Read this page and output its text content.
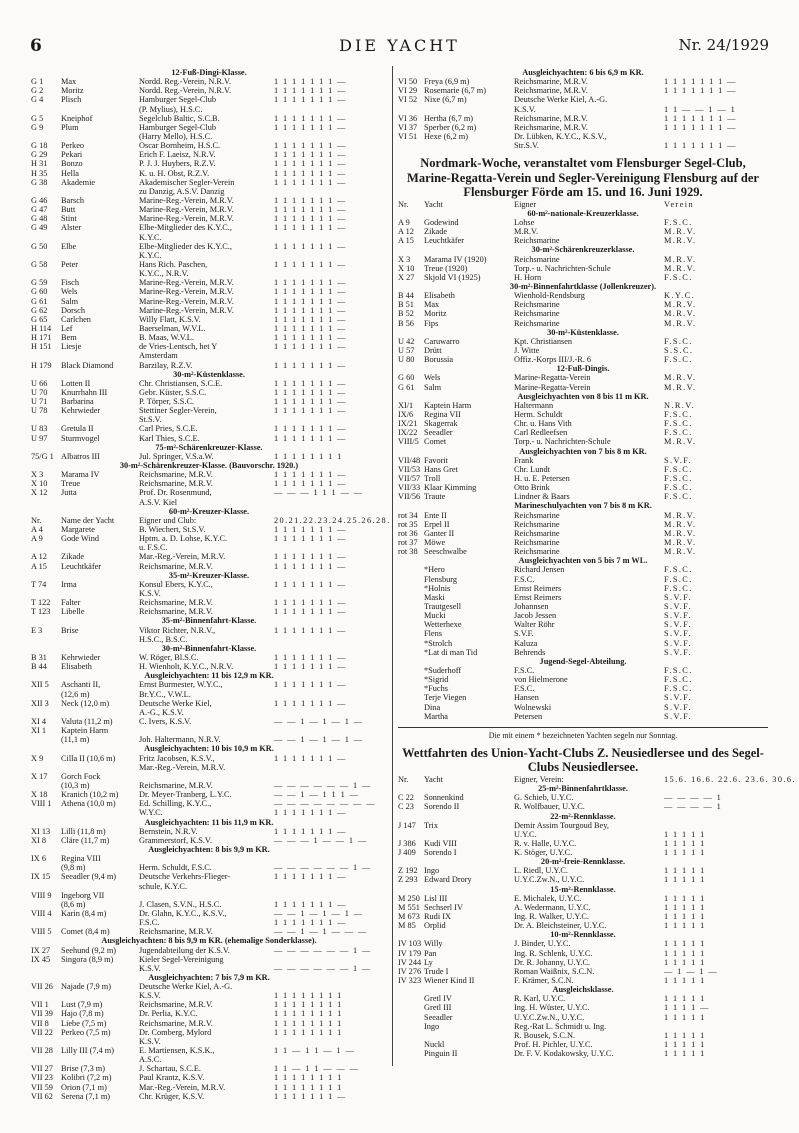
6	DIE YACHT	Nr. 24/1929
12-Fuß-Dingi-Klasse.
G 1	Max	Nordd. Reg.-Verein, N.R.V.	1 1 1 1 1 1 1 —
G 2	Moritz	Nordd. Reg.-Verein, N.R.V.	1 1 1 1 1 1 1 —
G 4	Plisch	Hamburger Segel-Club	1 1 1 1 1 1 1 —
(P. Mylius), H.S.C.
G 5	Kneiphof	Segelclub Baltic, S.C.B.	1 1 1 1 1 1 1 —
G 9	Plum	Hamburger Segel-Club	1 1 1 1 1 1 1 —
(Harry Mello), H.S.C.
G 18	Perkeo	Oscar Bornheim, H.S.C.	1 1 1 1 1 1 1 —
G 29	Pekari	Erich F. Laeisz, N.R.V.	1 1 1 1 1 1 1 —
H 31	Bonzo	P. J. J. Huybers, R.Z.V.	1 1 1 1 1 1 1 —
H 35	Hella	K. u. H. Obst, R.Z.V.	1 1 1 1 1 1 1 —
G 38	Akademie	Akademischer Segler-Verein	1 1 1 1 1 1 1 —
zu Danzig, A.S.V. Danzig
G 46	Barsch	Marine-Reg.-Verein, M.R.V.	1 1 1 1 1 1 1 —
G 47	Butt	Marine-Reg.-Verein, M.R.V.	1 1 1 1 1 1 1 —
G 48	Stint	Marine-Reg.-Verein, M.R.V.	1 1 1 1 1 1 1 —
G 49	Alster	Elbe-Mitglieder des K.Y.C.,	1 1 1 1 1 1 1 —
K.Y.C.
G 50	Elbe	Elbe-Mitglieder des K.Y.C.,	1 1 1 1 1 1 1 —
K.Y.C.
G 58	Peter	Hans Rich. Paschen,	1 1 1 1 1 1 1 —
K.Y.C., N.R.V.
G 59	Fisch	Marine-Reg.-Verein, M.R.V.	1 1 1 1 1 1 1 —
G 60	Wels	Marine-Reg.-Verein, M.R.V.	1 1 1 1 1 1 1 —
G 61	Salm	Marine-Reg.-Verein, M.R.V.	1 1 1 1 1 1 1 —
G 62	Dorsch	Marine-Reg.-Verein, M.R.V.	1 1 1 1 1 1 1 —
G 65	Carlchen	Willy Flatt, K.S.V.	1 1 1 1 1 1 1 —
H 114	Lef	Baerselman, W.V.L.	1 1 1 1 1 1 1 —
H 171	Bem	B. Maas, W.V.L.	1 1 1 1 1 1 1 —
H 151	Liesje	de Vries-Lentsch, het Y	1 1 1 1 1 1 1 —
Amsterdam
H 179	Black Diamond	Barzilay, R.Z.V.	1 1 1 1 1 1 1 —
30-m²-Küstenklasse.
U 66	Lotten II	Chr. Christiansen, S.C.E.	1 1 1 1 1 1 1 —
U 70	Knurrhahn III	Gebr. Küster, S.S.C.	1 1 1 1 1 1 1 —
U 71	Barbarina	P. Törper, S.S.C.	1 1 1 1 1 1 1 —
U 78	Kehrwieder	Stettiner Segler-Verein,	1 1 1 1 1 1 1 —
St.S.V.
U 83	Gretula II	Carl Pries, S.C.E.	1 1 1 1 1 1 1 —
U 97	Sturmvogel	Karl Thies, S.C.E.	1 1 1 1 1 1 1 —
75-m²-Schärenkreuzer-Klasse.
75/G 1 Albatros III	Jul. Springer, V.S.a.W.	1 1 1 1 1 1 1 1
30-m²-Schärenkreuzer-Klasse. (Bauvorschr. 1920.)
X 3	Marama IV	Reichsmarine, M.R.V.	1 1 1 1 1 1 1 —
X 10	Treue	Reichsmarine, M.R.V.	1 1 1 1 1 1 1 —
X 12	Jutta	Prof. Dr. Rosenmund,	— — — 1 1 1 — —
A.S.V. Kiel
60-m²-Kreuzer-Klasse.
Nr.	Name der Yacht	Eigner und Club:	20.21.22.23.24.25.26.28.
A 4	Margarete	B. Wiechert, St.S.V.	1 1 1 1 1 1 1 —
A 9	Gode Wind	Hptm. a. D. Lohse, K.Y.C.	1 1 1 1 1 1 1 —
u. F.S.C.
A 12	Zikade	Mar.-Reg.-Verein, M.R.V.	1 1 1 1 1 1 1 —
A 15	Leuchtkäfer	Reichsmarine, M.R.V.	1 1 1 1 1 1 1 —
35-m²-Kreuzer-Klasse.
T 74	Irma	Konsul Ebers, K.Y.C.,	1 1 1 1 1 1 1 —
K.S.V.
T 122	Falter	Reichsmarine, M.R.V.	1 1 1 1 1 1 1 —
T 123	Libelle	Reichsmarine, M.R.V.	1 1 1 1 1 1 1 —
35-m²-Binnenfahrt-Klasse.
E 3	Brise	Viktor Richter, N.R.V.,	1 1 1 1 1 1 1 —
H.S.C., B.S.C.
30-m²-Binnenfahrt-Klasse.
B 31	Kehrwieder	W. Röger, Bl.S.C.	1 1 1 1 1 1 1 —
B 44	Elisabeth	H. Wienholt, K.Y.C., N.R.V.	1 1 1 1 1 1 1 —
Ausgleichyachten: 11 bis 12,9 m KR.
XII 5	Aschanti II,	Ernst Burmester, W.Y.C.,	1 1 1 1 1 1 1 —
(12,6 m)	Br.Y.C., V.W.L.
XII 3	Neck (12,0 m)	Deutsche Werke Kiel,	1 1 1 1 1 1 1 —
A.-G., K.S.V.
XI 4	Valuta (11,2 m)	C. Ivers, K.S.V.	— — 1 — 1 — 1 —
XI 1	Kaptein Harm
(11,1 m)	Joh. Haltermann, N.R.V.	— — 1 — 1 — 1 —
Ausgleichyachten: 10 bis 10,9 m KR.
X 9	Cilla II (10,6 m)	Fritz Jacobsen, K.S.V.,	1 1 1 1 1 1 1 —
Mar.-Reg.-Verein, M.R.V.
X 17	Gorch Fock
(10,3 m)	Reichsmarine, M.R.V.	— — — — — — 1 —
X 18	Kranich (10,2 m)	Dr. Meyer-Tranberg, L.Y.C.	— — 1 — 1 1 1 —
VIII 1	Athena (10,0 m)	Ed. Schilling, K.Y.C.,	— — — — — — — —
W.Y.C.	1 1 1 1 1 1 1 —
Ausgleichyachten: 11 bis 11,9 m KR.
XI 13	Lilli (11,8 m)	Bernstein, N.R.V.	1 1 1 1 1 1 1 —
XI 8	Cläre (11,7 m)	Grammerstorf, K.S.V.	— — — 1 — — 1 —
Ausgleichyachten: 8 bis 9,9 m KR.
IX 6	Regina VIII
(9,8 m)	Herm. Schuldt, F.S.C.	— — — — — — 1 —
IX 15	Seeadler (9,4 m)	Deutsche Verkehrs-Flieger-	1 1 1 1 1 1 1 —
schule, K.Y.C.
VIII 9	Ingeborg VII
(8,6 m)	J. Clasen, S.V.N., H.S.C.	1 1 1 1 1 1 1 —
VIII 4	Karin (8,4 m)	Dr. Glahn, K.Y.C., K.S.V.,	— — 1 — 1 — 1 —
F.S.C.	1 1 1 1 1 1 1 —
VIII 5	Comet (8,4 m)	Reichsmarine, M.R.V.	— — 1 — 1 — — —
Ausgleichyachten: 8 bis 9,9 m KR. (ehemalige Sonderklasse).
IX 27	Seehund (9,2 m)	Jugendabteilung der K.S.V.	— — — — — — 1 —
IX 45	Singora (8,9 m)	Kieler Segel-Vereinigung
K.S.V.	— — — — — — 1 —
Ausgleichyachten: 7 bis 7,9 m KR.
VII 26 Najade (7,9 m)	Deutsche Werke Kiel, A.-G.
K.S.V.	1 1 1 1 1 1 1 1
VII 1	Lust (7,9 m)	Reichsmarine, M.R.V.	1 1 1 1 1 1 1 1
VII 39 Hajo (7,8 m)	Dr. Perlia, K.Y.C.	1 1 1 1 1 1 1 1
VII 8	Liebe (7,5 m)	Reichsmarine, M.R.V.	1 1 1 1 1 1 1 1
VII 22 Perkeo (7,5 m)	Dr. Comberg, Mylord	1 1 1 1 1 1 1 1
K.S.V.
VII 28 Lilly III (7,4 m)	E. Martiensen, K.S.K.,	1 1 — 1 1 — 1 —
A.S.C.
VII 27 Brise (7,3 m)	J. Schartau, S.C.E.	1 1 — 1 1 — — —
VII 23 Kolibri (7,2 m)	Paul Krantz, K.S.V.	1 1 1 1 1 1 1 1
VII 59 Orion (7,1 m)	Mar.-Reg.-Verein, M.R.V.	1 1 1 1 1 1 1 1
VII 62 Serena (7,1 m)	Chr. Krüger, K.S.V.	1 1 1 1 1 1 1 —
Ausgleichyachten: 6 bis 6,9 m KR.
VI 50 Freya (6,9 m)	Reichsmarine, M.R.V.	1 1 1 1 1 1 1 —
VI 29 Rosemarie (6,7 m)	Reichsmarine, M.R.V.	1 1 1 1 1 1 1 —
VI 52 Nixe (6,7 m)	Deutsche Werke Kiel, A.-G.
K.S.V.	1 1 — — 1 — 1
VI 36 Hertha (6,7 m)	Reichsmarine, M.R.V.	1 1 1 1 1 1 1 —
VI 37 Sperber (6,2 m)	Reichsmarine, M.R.V.	1 1 1 1 1 1 1 —
VI 51 Hexe (6,2 m)	Dr. Lübken, K.Y.C., K.S.V.,
Str.S.V.	1 1 1 1 1 1 1 —
Nordmark-Woche, veranstaltet vom Flensburger Segel-Club, Marine-Regatta-Verein und Segler-Vereinigung Flensburg auf der Flensburger Förde am 15. und 16. Juni 1929.
Nr.	Yacht	Eigner	Verein
60-m²-nationale-Kreuzerklasse.
A 9	Godewind	Lohse	F.S.C.
A 12	Zikade	M.R.V.	M.R.V.
A 15	Leuchtkäfer	Reichsmarine	M.R.V.
30-m²-Schärenkreuzerklasse.
X 3	Marama IV (1920)	Reichsmarine	M.R.V.
X 10	Treue (1920)	Torp.- u. Nachrichten-Schule	M.R.V.
X 27	Skjold VI (1925)	H. Horn	F.S.C.
30-m²-Binnenfahrtklasse (Jollenkreuzer).
B 44	Elisabeth	Wienhold-Rendsburg	K.Y.C.
B 51	Max	Reichsmarine	M.R.V.
B 52	Moritz	Reichsmarine	M.R.V.
B 56	Fips	Reichsmarine	M.R.V.
30-m²-Küstenklasse.
U 42	Caruwarro	Kpt. Christiansen	F.S.C.
U 57	Drütt	J. Witte	S.S.C.
U 80	Borussia	Offiz.-Korps III/J.-R. 6	F.S.C.
12-Fuß-Dingis.
G 60	Wels	Marine-Regatta-Verein	M.R.V.
G 61	Salm	Marine-Regatta-Verein	M.R.V.
Ausgleichyachten von 8 bis 11 m KR.
XI/1	Kaptein Harm	Haltermann	N.R.V.
IX/6	Regina VII	Herm. Schuldt	F.S.C.
IX/21 Skagerrak	Chr. u. Hans Vith	F.S.C.
IX/22 Seeadler	Carl Redleefsen	F.S.C.
VIII/5 Comet	Torp.- u. Nachrichten-Schule	M.R.V.
Ausgleichyachten von 7 bis 8 m KR.
VII/48 Favorit	Frank	S.V.F.
VII/53 Hans Gret	Chr. Lundt	F.S.C.
VII/57 Troll	H. u. E. Petersen	F.S.C.
VII/33 Klaar Kimming	Otto Brink	F.S.C.
VII/56 Traute	Lindner & Baars	F.S.C.
Marineschulyachten von 7 bis 8 m KR.
rot 34 Ente II	Reichsmarine	M.R.V.
rot 35 Erpel II	Reichsmarine	M.R.V.
rot 36 Ganter II	Reichsmarine	M.R.V.
rot 37 Möwe	Reichsmarine	M.R.V.
rot 38 Seeschwalbe	Reichsmarine	M.R.V.
Ausgleichyachten von 5 bis 7 m WL.
*Hero	Richard Jensen	F.S.C.
Flensburg	F.S.C.	F.S.C.
*Holnis	Ernst Reimers	F.S.C.
Maski	Ernst Reimers	S.V.F.
Trautgesell	Johannsen	S.V.F.
Mucki	Jacob Jessen	S.V.F.
Wetterhexe	Walter Röhr	S.V.F.
Flens	S.V.F.	S.V.F.
*Strolch	Kaluza	S.V.F.
*Lat di man Tid	Behrends	S.V.F.
Jugend-Segel-Abteilung.
*Suderhoff	F.S.C.	F.S.C.
*Sigrid	von Hielmerone	F.S.C.
*Fuchs	F.S.C.	F.S.C.
Terje Viegen	Hansen	S.V.F.
Dina	Wolnewski	S.V.F.
Martha	Petersen	S.V.F.
Die mit einem * bezeichneten Yachten segeln nur Sonntag.
Wettfahrten des Union-Yacht-Clubs Z. Neusiedlersee und des Segel-Clubs Neusiedlersee.
Nr.	Yacht	Eigner, Verein:	15.6. 16.6. 22.6. 23.6. 30.6.
25-m²-Binnenfahrtklasse.
C 22	Sonnenkind	G. Schieb, U.Y.C.	— — — — 1
C 23	Sorendo II	R. Wolfbauer, U.Y.C.	— — — — 1
22-m²-Rennklasse.
J 147 Trix	Demir Assim Tourgoud Bey,
U.Y.C.	1 1 1 1 1
J 386 Kudi VIII	R. v. Halle, U.Y.C.	1 1 1 1 1
J 409 Sorendo I	K. Stöger, U.Y.C.	1 1 1 1 1
20-m²-freie-Rennklasse.
Z 192 Ingo	L. Riedl, U.Y.C.	1 1 1 1 1
Z 293 Edward Drory	U.Y.C.Zw.N., U.Y.C.	1 1 1 1 1
15-m²-Rennklasse.
M 250 Lisl III	E. Michalek, U.Y.C.	1 1 1 1 1
M 551 Sechserl IV	A. Wedermann, U.Y.C.	1 1 1 1 1
M 673 Rudi IX	Ing. R. Walker, U.Y.C.	1 1 1 1 1
M 85 Orplid	Dr. A. Bleichsteiner, U.Y.C.	1 1 1 1 1
10-m²-Rennklasse.
IV 103 Willy	J. Binder, U.Y.C.	1 1 1 1 1
IV 179 Pan	Ing. R. Schlenk, U.Y.C.	1 1 1 1 1
IV 244 Ly	Dr. R. Johanny, U.Y.C.	1 1 1 1 1
IV 276 Trude I	Roman Waißnix, S.C.N.	— 1 — 1 —
IV 323 Wiener Kind II	F. Krämer, S.C.N.	1 1 1 1 1
Ausgleichsklasse.
Gretl IV	R. Karl, U.Y.C.	1 1 1 1 1
Gretl III	Ing. H. Wüster, U.Y.C.	1 1 1 1 —
Seeadler	U.Y.C.Zw.N., U.Y.C.	1 1 1 1 1
Ingo	Reg.-Rat L. Schmidt u. Ing.
R. Bousek, S.C.N.	1 1 1 1 1
Nuckl	Prof. H. Pichler, U.Y.C.	1 1 1 1 1
Pinguin II	Dr. F. V. Kodakowsky, U.Y.C.	1 1 1 1 1
